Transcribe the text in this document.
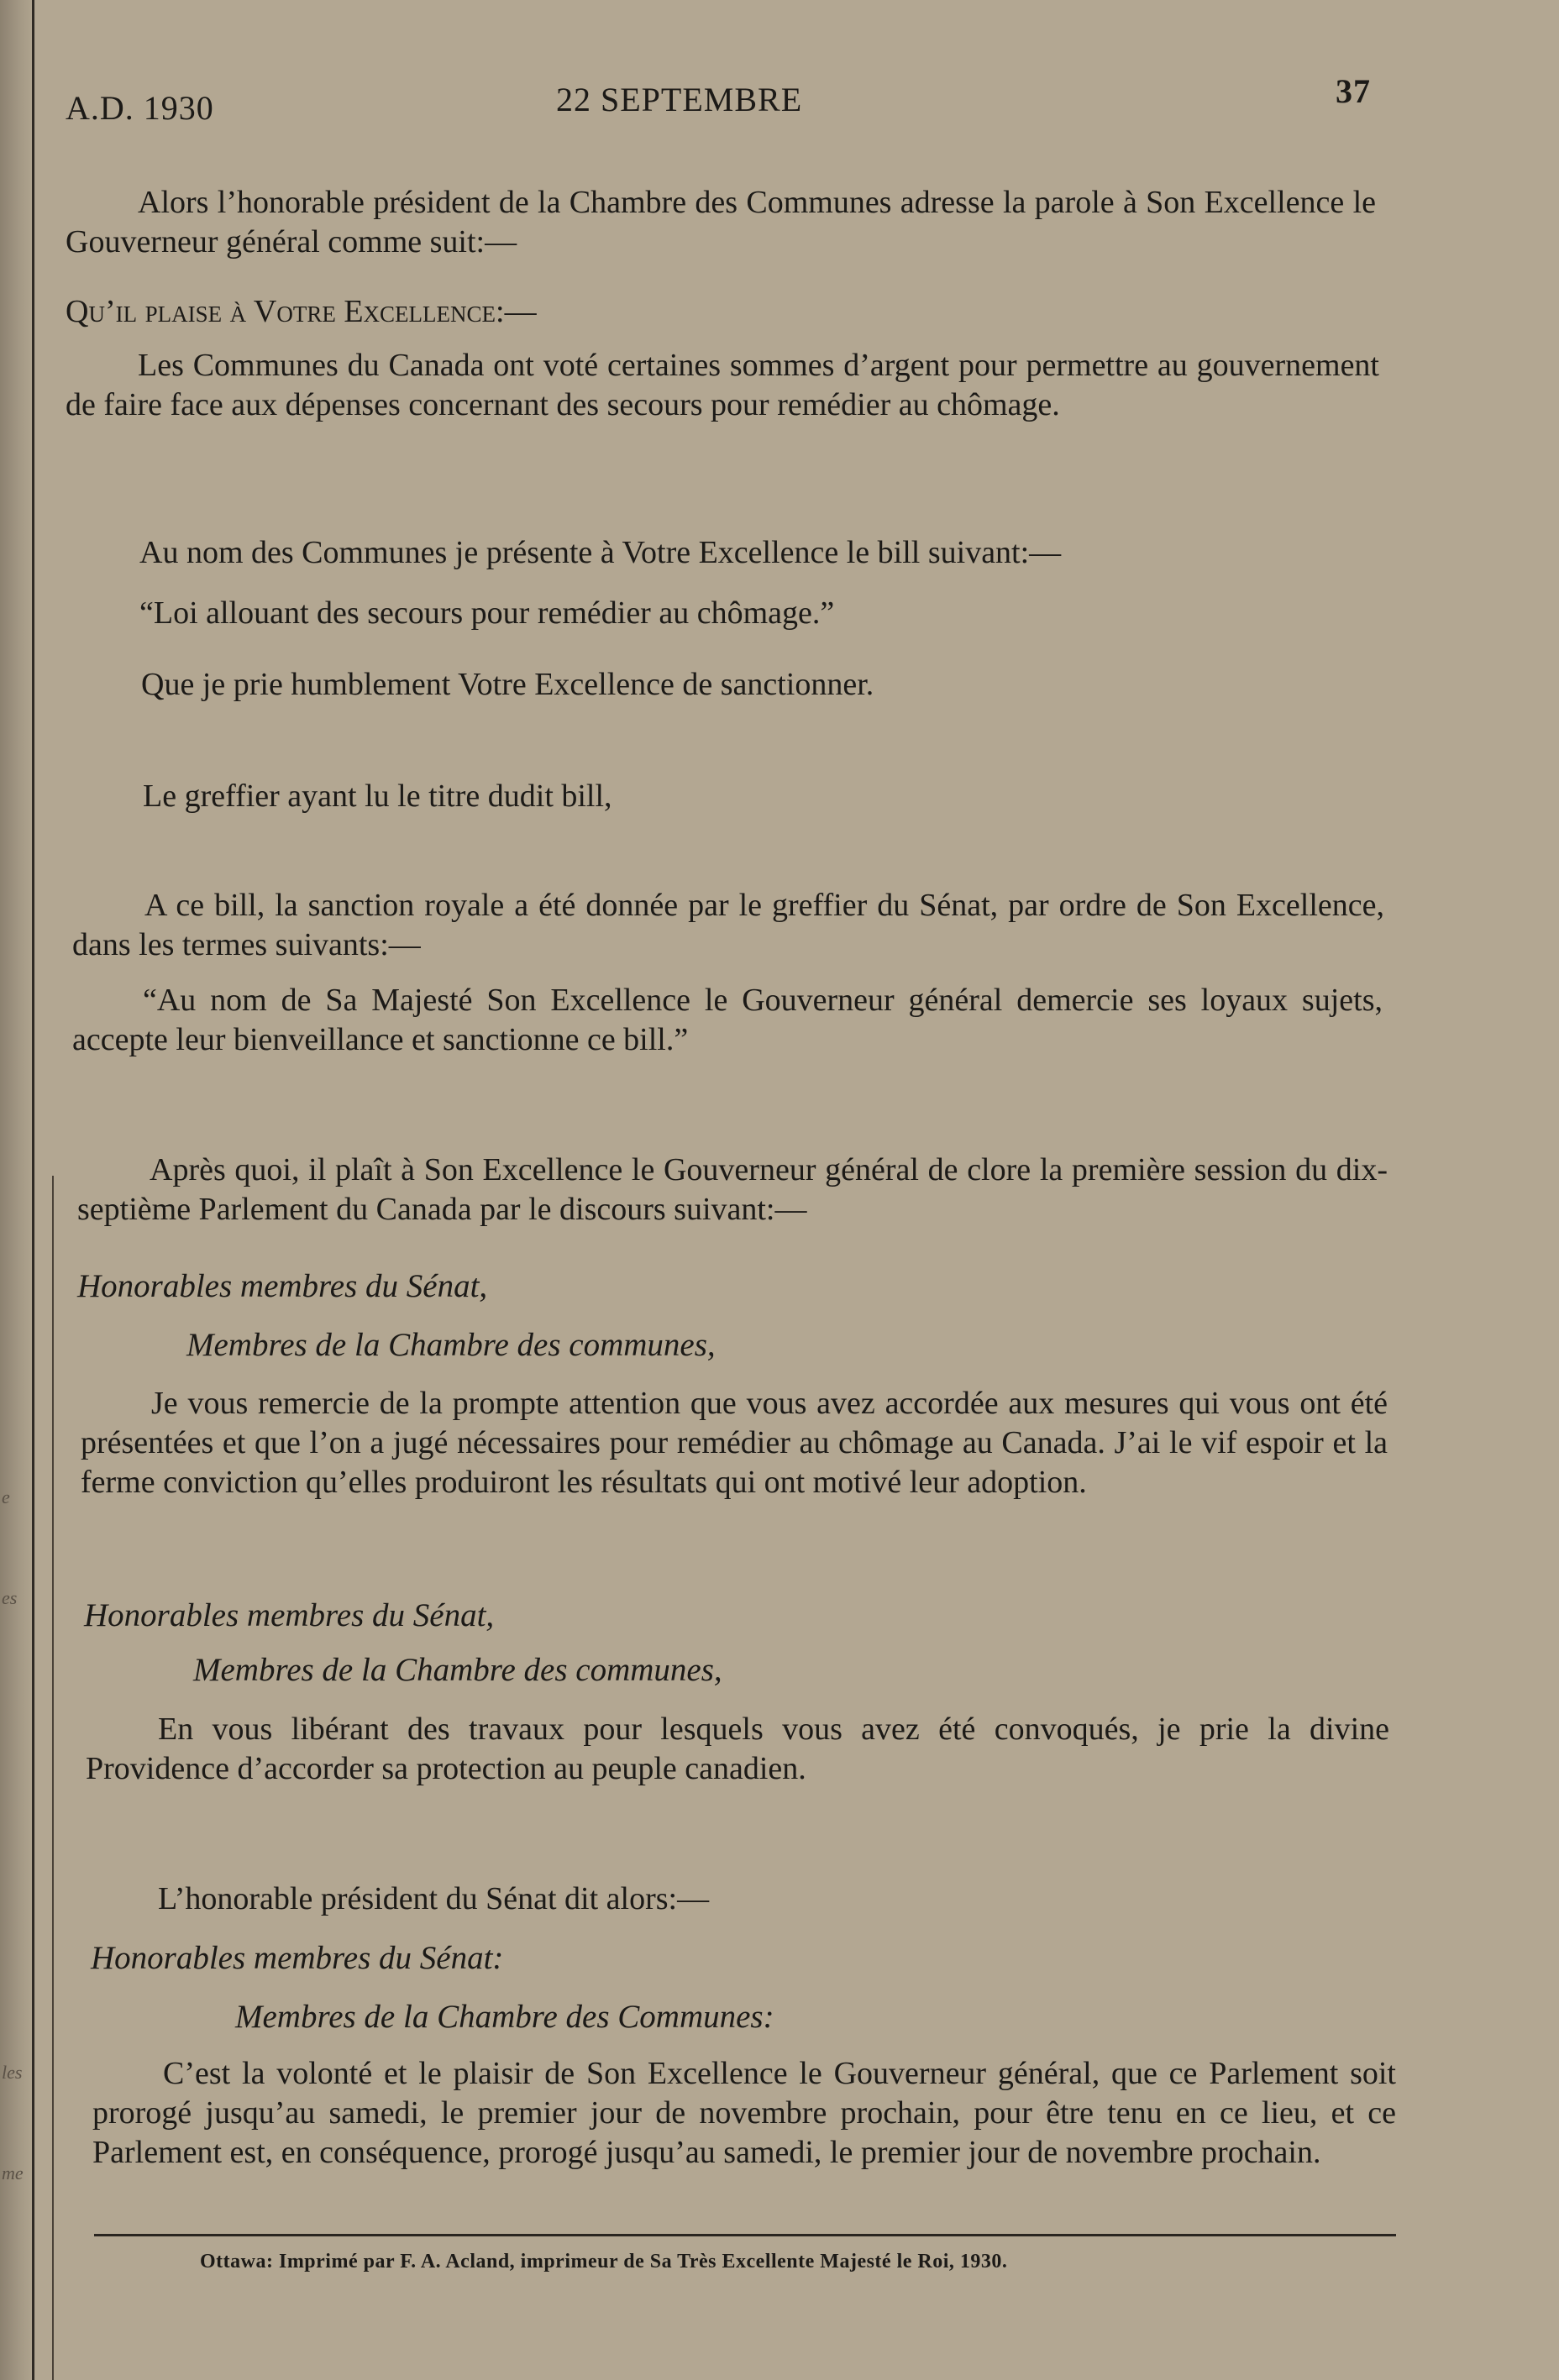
e
es
les
me
A.D. 1930	22 SEPTEMBRE	37

Alors l’honorable président de la Chambre des Communes adresse la parole à Son Excellence le Gouverneur général comme suit:—

Qu’il plaise à Votre Excellence:—

Les Communes du Canada ont voté certaines sommes d’argent pour permettre au gouvernement de faire face aux dépenses concernant des secours pour remédier au chômage.

Au nom des Communes je présente à Votre Excellence le bill suivant:—
“Loi allouant des secours pour remédier au chômage.”
Que je prie humblement Votre Excellence de sanctionner.
Le greffier ayant lu le titre dudit bill,

A ce bill, la sanction royale a été donnée par le greffier du Sénat, par ordre de Son Excellence, dans les termes suivants:—

“Au nom de Sa Majesté Son Excellence le Gouverneur général demercie ses loyaux sujets, accepte leur bienveillance et sanctionne ce bill.”

Après quoi, il plaît à Son Excellence le Gouverneur général de clore la première session du dix-septième Parlement du Canada par le discours suivant:—

Honorables membres du Sénat,
Membres de la Chambre des communes,

Je vous remercie de la prompte attention que vous avez accordée aux mesures qui vous ont été présentées et que l’on a jugé nécessaires pour remédier au chômage au Canada. J’ai le vif espoir et la ferme conviction qu’elles produiront les résultats qui ont motivé leur adoption.

Honorables membres du Sénat,
Membres de la Chambre des communes,

En vous libérant des travaux pour lesquels vous avez été convoqués, je prie la divine Providence d’accorder sa protection au peuple canadien.

L’honorable président du Sénat dit alors:—
Honorables membres du Sénat:
Membres de la Chambre des Communes:

C’est la volonté et le plaisir de Son Excellence le Gouverneur général, que ce Parlement soit prorogé jusqu’au samedi, le premier jour de novembre prochain, pour être tenu en ce lieu, et ce Parlement est, en conséquence, prorogé jusqu’au samedi, le premier jour de novembre prochain.

Ottawa: Imprimé par F. A. Acland, imprimeur de Sa Très Excellente Majesté le Roi, 1930.
